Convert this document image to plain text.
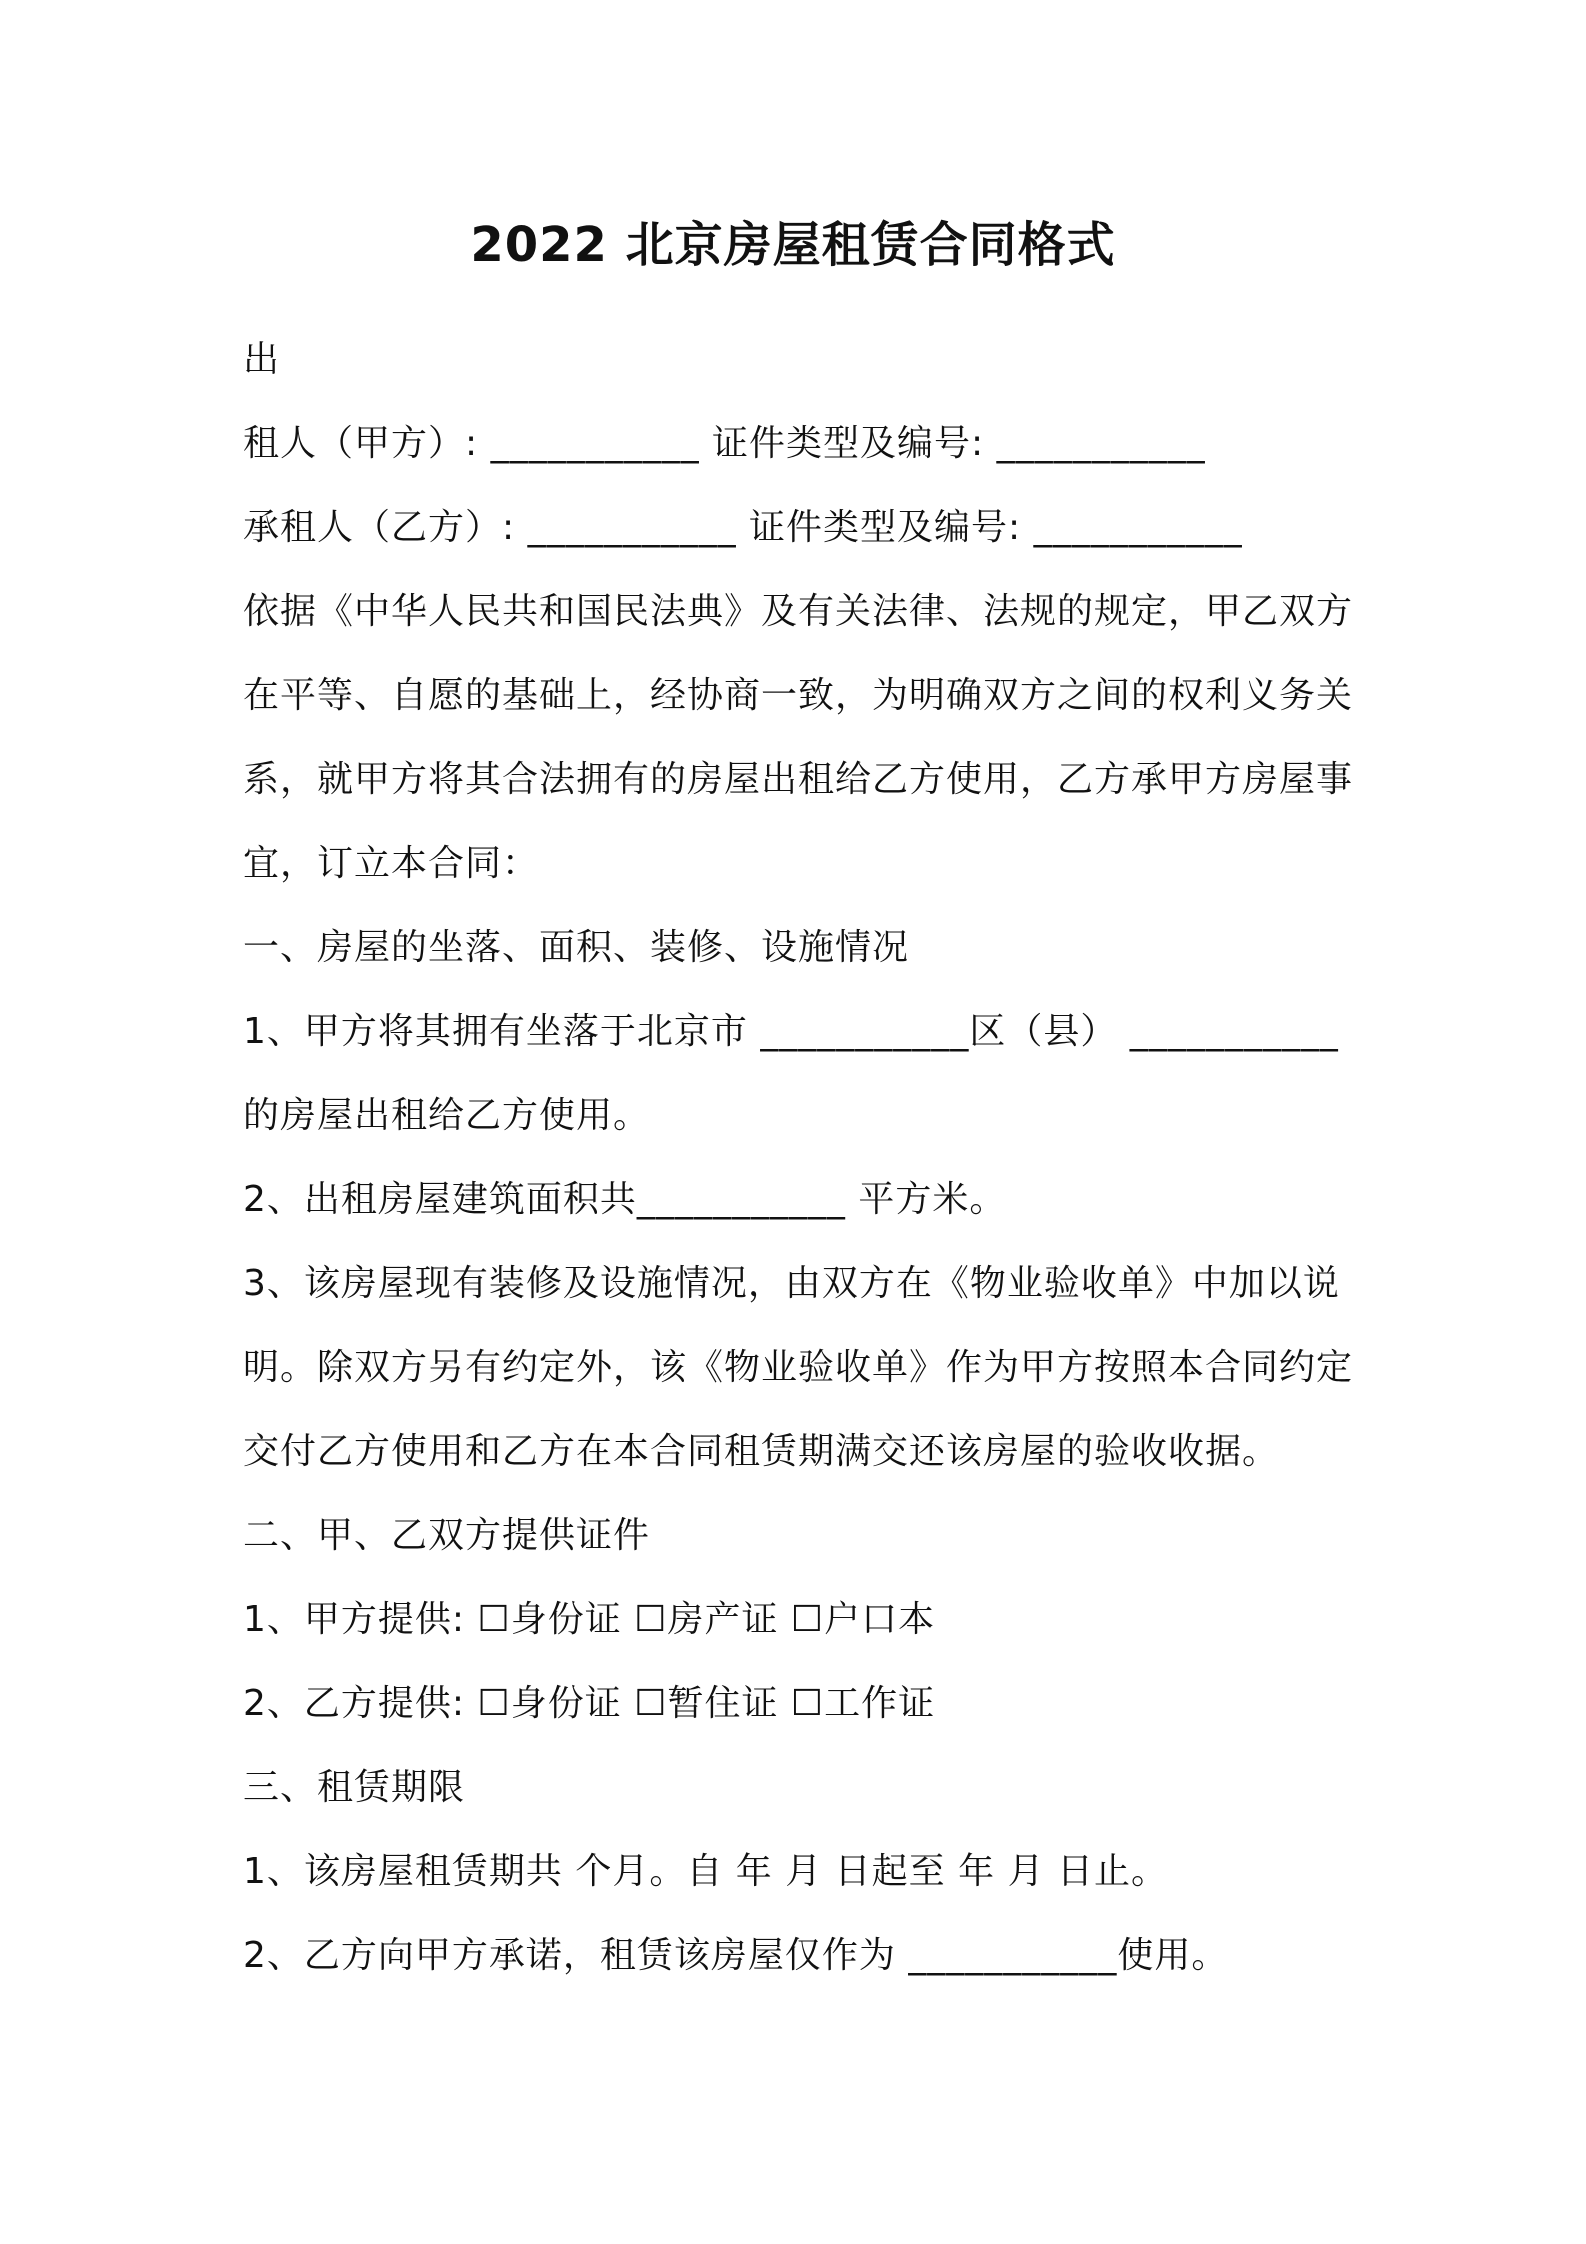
2022 北京房屋租赁合同格式
出
租人（甲方）: ___________ 证件类型及编号: ___________
承租人（乙方）: ___________ 证件类型及编号: ___________
依据《中华人民共和国民法典》及有关法律、法规的规定，甲乙双方
在平等、自愿的基础上，经协商一致，为明确双方之间的权利义务关
系，就甲方将其合法拥有的房屋出租给乙方使用，乙方承甲方房屋事
宜，订立本合同：
一、房屋的坐落、面积、装修、设施情况
1、甲方将其拥有坐落于北京市 ___________区（县） ___________
的房屋出租给乙方使用。
2、出租房屋建筑面积共___________ 平方米。
3、该房屋现有装修及设施情况，由双方在《物业验收单》中加以说
明。除双方另有约定外，该《物业验收单》作为甲方按照本合同约定
交付乙方使用和乙方在本合同租赁期满交还该房屋的验收收据。
二、甲、乙双方提供证件
1、甲方提供: ☐身份证 ☐房产证 ☐户口本
2、乙方提供: ☐身份证 ☐暂住证 ☐工作证
三、租赁期限
1、该房屋租赁期共 个月。自 年 月 日起至 年 月 日止。
2、乙方向甲方承诺，租赁该房屋仅作为 ___________使用。
